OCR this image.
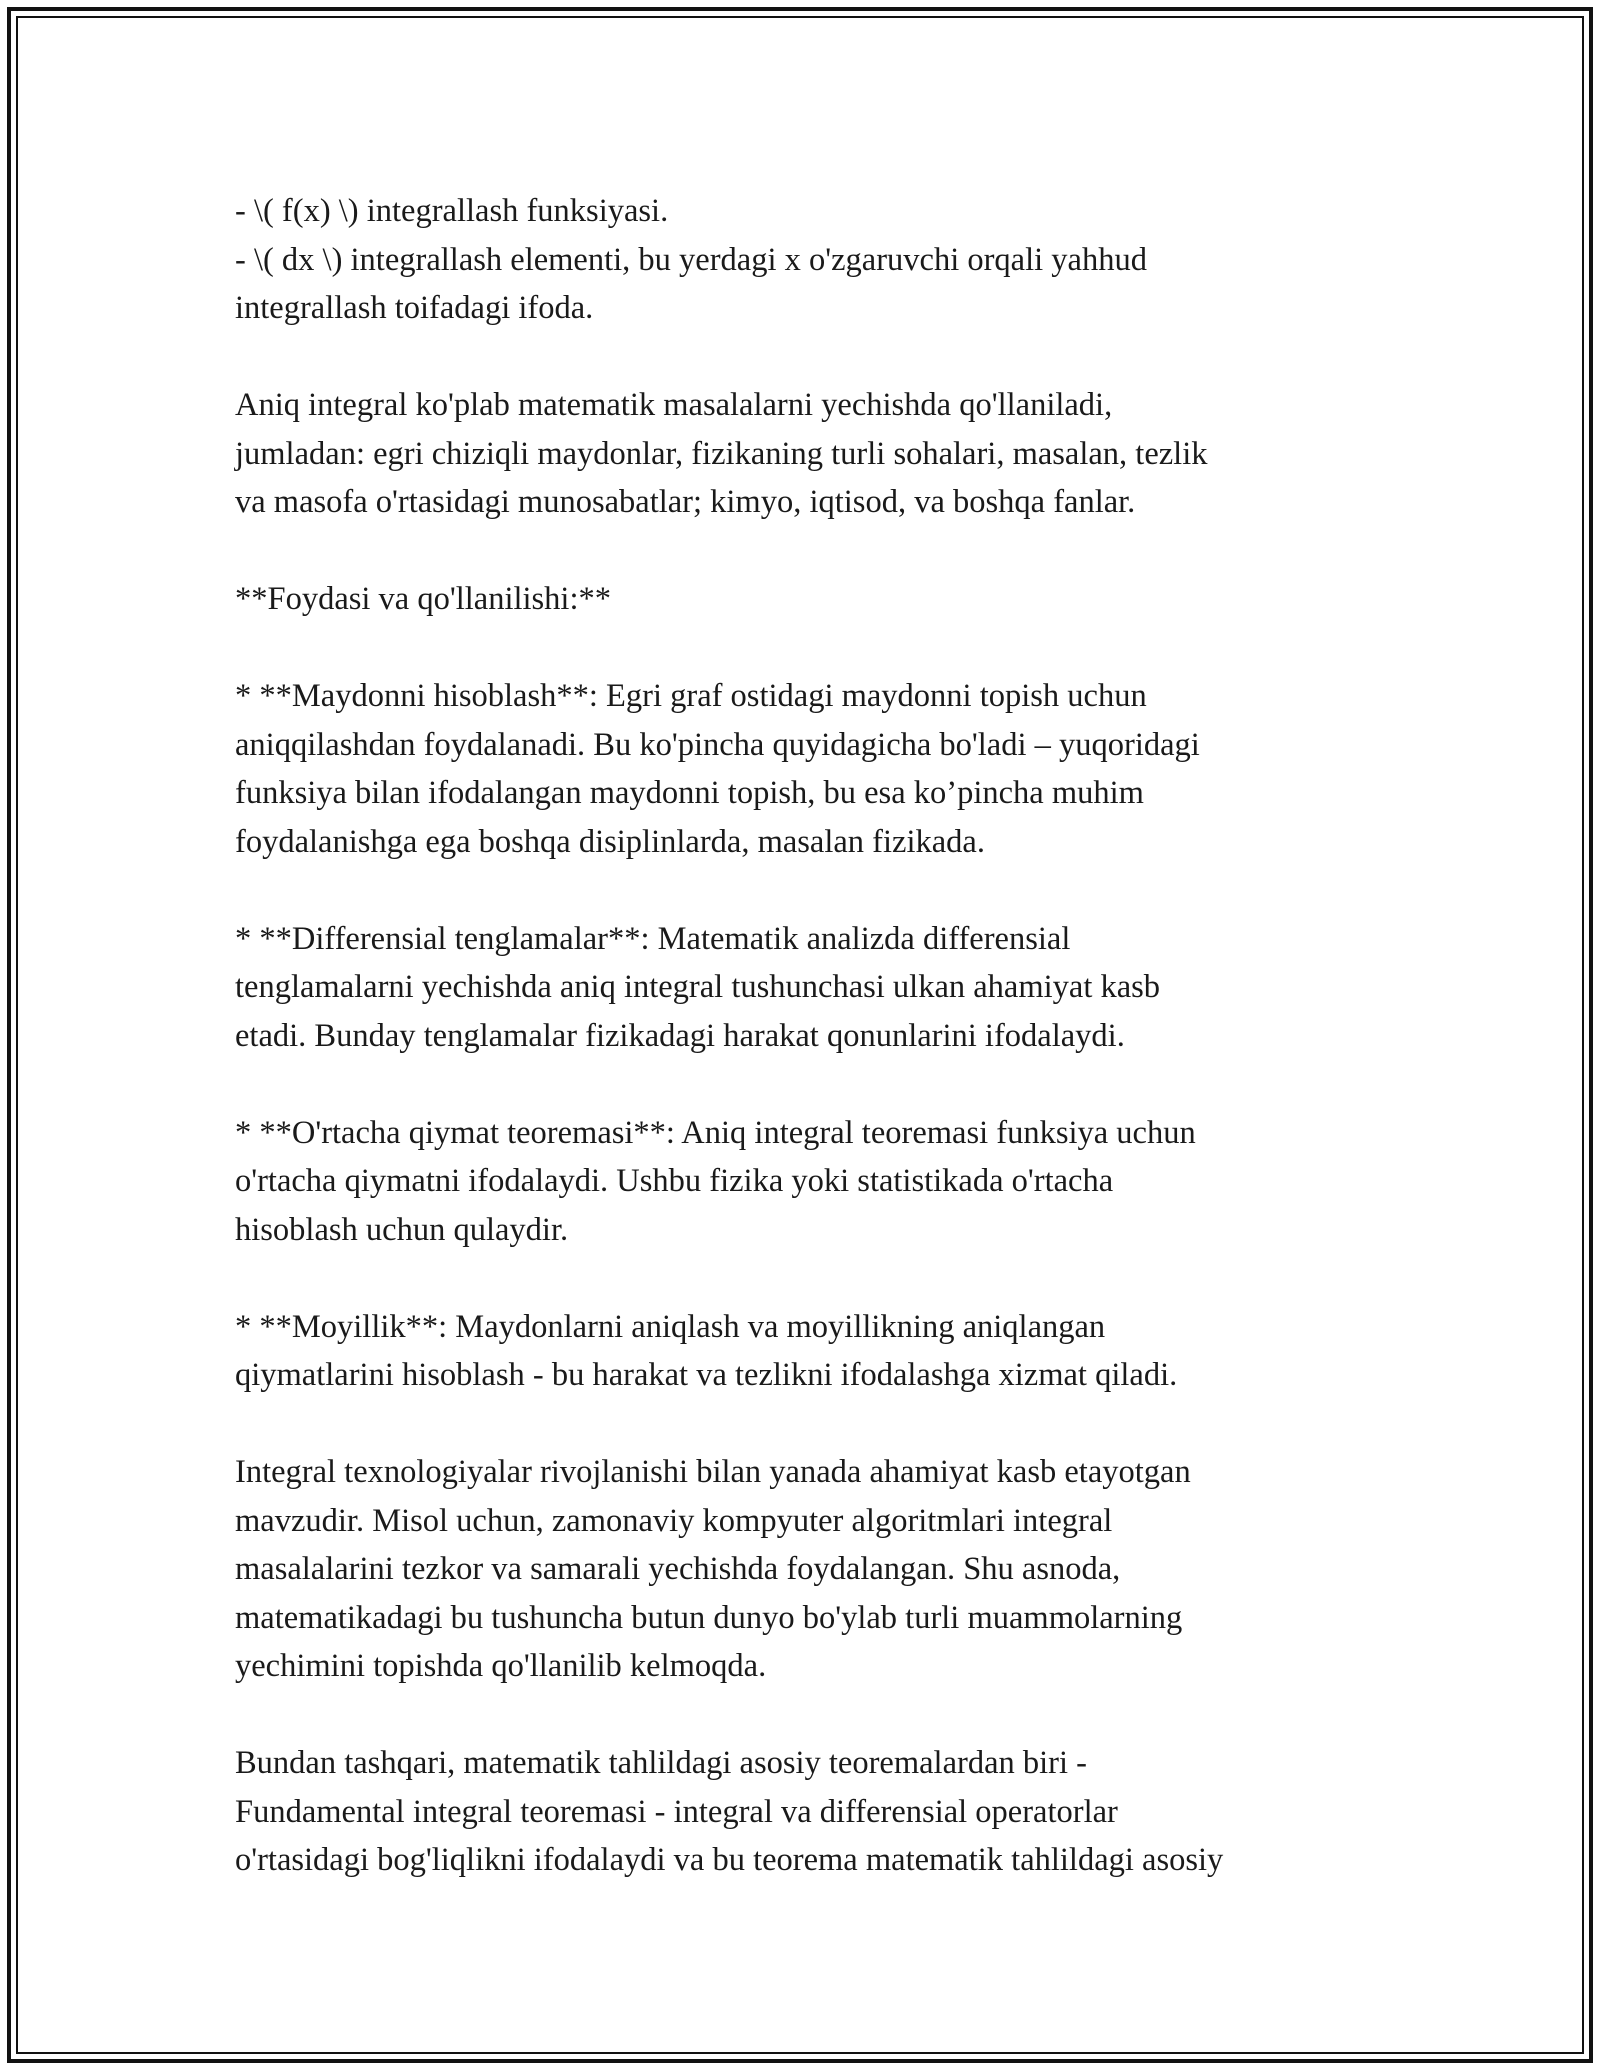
- \( f(x) \) integrallash funksiyasi.
- \( dx \) integrallash elementi, bu yerdagi x o'zgaruvchi orqali yahhud
integrallash toifadagi ifoda.
Aniq integral ko'plab matematik masalalarni yechishda qo'llaniladi,
jumladan: egri chiziqli maydonlar, fizikaning turli sohalari, masalan, tezlik
va masofa o'rtasidagi munosabatlar; kimyo, iqtisod, va boshqa fanlar.
**Foydasi va qo'llanilishi:**
* **Maydonni hisoblash**: Egri graf ostidagi maydonni topish uchun
aniqqilashdan foydalanadi. Bu ko'pincha quyidagicha bo'ladi – yuqoridagi
funksiya bilan ifodalangan maydonni topish, bu esa ko’pincha muhim
foydalanishga ega boshqa disiplinlarda, masalan fizikada.
* **Differensial tenglamalar**: Matematik analizda differensial
tenglamalarni yechishda aniq integral tushunchasi ulkan ahamiyat kasb
etadi. Bunday tenglamalar fizikadagi harakat qonunlarini ifodalaydi.
* **O'rtacha qiymat teoremasi**: Aniq integral teoremasi funksiya uchun
o'rtacha qiymatni ifodalaydi. Ushbu fizika yoki statistikada o'rtacha
hisoblash uchun qulaydir.
* **Moyillik**: Maydonlarni aniqlash va moyillikning aniqlangan
qiymatlarini hisoblash - bu harakat va tezlikni ifodalashga xizmat qiladi.
Integral texnologiyalar rivojlanishi bilan yanada ahamiyat kasb etayotgan
mavzudir. Misol uchun, zamonaviy kompyuter algoritmlari integral
masalalarini tezkor va samarali yechishda foydalangan. Shu asnoda,
matematikadagi bu tushuncha butun dunyo bo'ylab turli muammolarning
yechimini topishda qo'llanilib kelmoqda.
Bundan tashqari, matematik tahlildagi asosiy teoremalardan biri -
Fundamental integral teoremasi - integral va differensial operatorlar
o'rtasidagi bog'liqlikni ifodalaydi va bu teorema matematik tahlildagi asosiy
